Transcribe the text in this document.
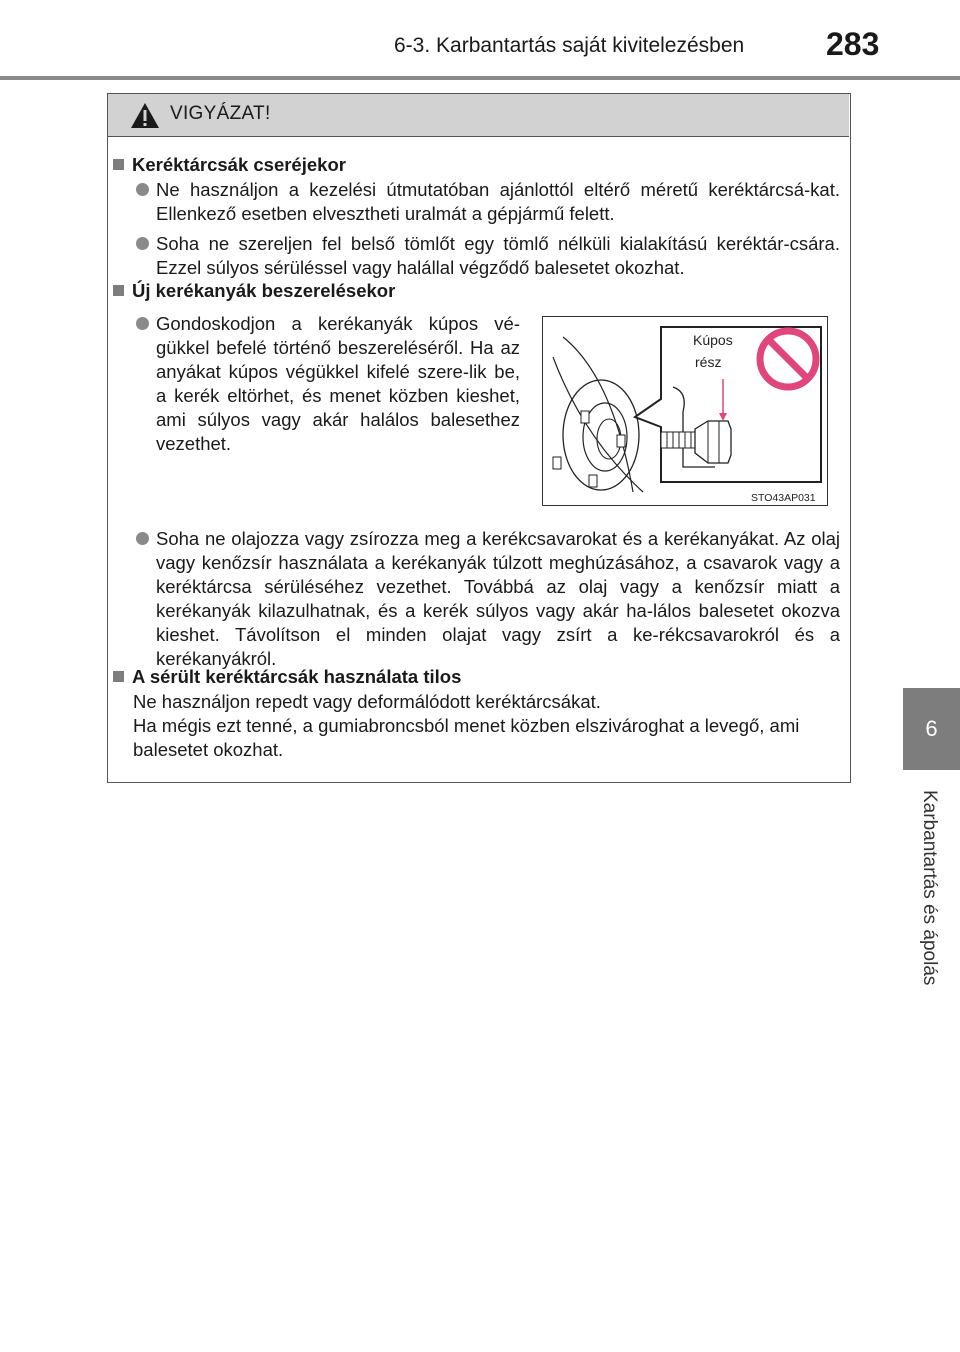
6-3. Karbantartás saját kivitelezésben	283
6
Karbantartás és ápolás
VIGYÁZAT!
Keréktárcsák cseréjekor
Ne használjon a kezelési útmutatóban ajánlottól eltérő méretű keréktárcsá-kat. Ellenkező esetben elvesztheti uralmát a gépjármű felett.
Soha ne szereljen fel belső tömlőt egy tömlő nélküli kialakítású keréktár-csára. Ezzel súlyos sérüléssel vagy halállal végződő balesetet okozhat.
Új kerékanyák beszerelésekor
Gondoskodjon a kerékanyák kúpos vé-gükkel befelé történő beszereléséről. Ha az anyákat kúpos végükkel kifelé szere-lik be, a kerék eltörhet, és menet közben kieshet, ami súlyos vagy akár halálos balesethez vezethet.
Kúpos
rész
STO43AP031
Soha ne olajozza vagy zsírozza meg a kerékcsavarokat és a kerékanyákat. Az olaj vagy kenőzsír használata a kerékanyák túlzott meghúzásához, a csavarok vagy a keréktárcsa sérüléséhez vezethet. Továbbá az olaj vagy a kenőzsír miatt a kerékanyák kilazulhatnak, és a kerék súlyos vagy akár ha-lálos balesetet okozva kieshet. Távolítson el minden olajat vagy zsírt a ke-rékcsavarokról és a kerékanyákról.
A sérült keréktárcsák használata tilos
Ne használjon repedt vagy deformálódott keréktárcsákat.
Ha mégis ezt tenné, a gumiabroncsból menet közben elszivároghat a levegő, ami balesetet okozhat.
